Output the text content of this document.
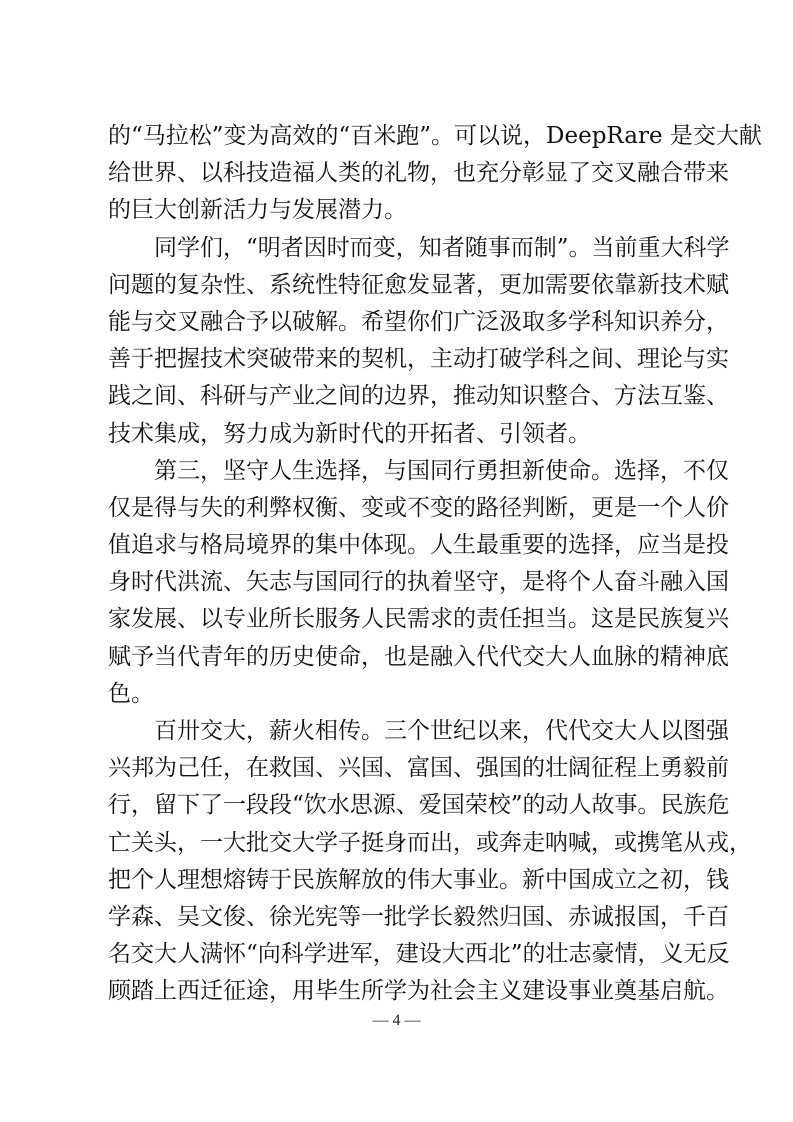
的“马拉松”变为高效的“百米跑”。可以说，DeepRare 是交大献
给世界、以科技造福人类的礼物，也充分彰显了交叉融合带来
的巨大创新活力与发展潜力。
同学们，“明者因时而变，知者随事而制”。当前重大科学
问题的复杂性、系统性特征愈发显著，更加需要依靠新技术赋
能与交叉融合予以破解。希望你们广泛汲取多学科知识养分，
善于把握技术突破带来的契机，主动打破学科之间、理论与实
践之间、科研与产业之间的边界，推动知识整合、方法互鉴、
技术集成，努力成为新时代的开拓者、引领者。
第三，坚守人生选择，与国同行勇担新使命。选择，不仅
仅是得与失的利弊权衡、变或不变的路径判断，更是一个人价
值追求与格局境界的集中体现。人生最重要的选择，应当是投
身时代洪流、矢志与国同行的执着坚守，是将个人奋斗融入国
家发展、以专业所长服务人民需求的责任担当。这是民族复兴
赋予当代青年的历史使命，也是融入代代交大人血脉的精神底
色。
百卅交大，薪火相传。三个世纪以来，代代交大人以图强
兴邦为己任，在救国、兴国、富国、强国的壮阔征程上勇毅前
行，留下了一段段“饮水思源、爱国荣校”的动人故事。民族危
亡关头，一大批交大学子挺身而出，或奔走呐喊，或携笔从戎，
把个人理想熔铸于民族解放的伟大事业。新中国成立之初，钱
学森、吴文俊、徐光宪等一批学长毅然归国、赤诚报国，千百
名交大人满怀“向科学进军，建设大西北”的壮志豪情，义无反
顾踏上西迁征途，用毕生所学为社会主义建设事业奠基启航。
— 4 —
